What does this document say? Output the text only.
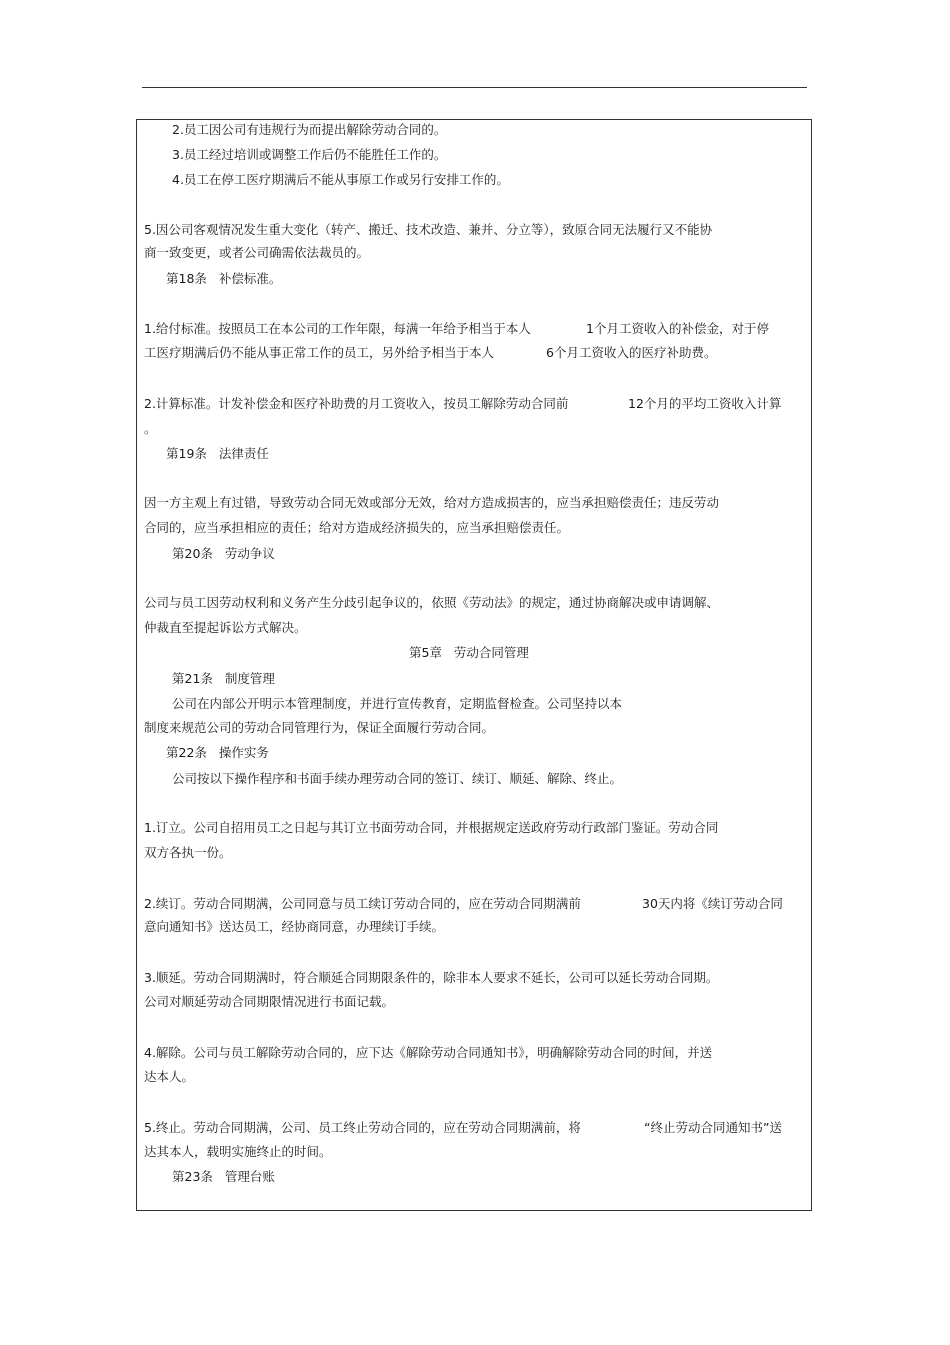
2.员工因公司有违规行为而提出解除劳动合同的。
3.员工经过培训或调整工作后仍不能胜任工作的。
4.员工在停工医疗期满后不能从事原工作或另行安排工作的。
5.因公司客观情况发生重大变化（转产、搬迁、技术改造、兼并、分立等），致原合同无法履行又不能协
商一致变更，或者公司确需依法裁员的。
第18条   补偿标准。
1.给付标准。按照员工在本公司的工作年限，每满一年给予相当于本人	1个月工资收入的补偿金，对于停
工医疗期满后仍不能从事正常工作的员工，另外给予相当于本人	6个月工资收入的医疗补助费。
2.计算标准。计发补偿金和医疗补助费的月工资收入，按员工解除劳动合同前	12个月的平均工资收入计算
。
第19条   法律责任
因一方主观上有过错，导致劳动合同无效或部分无效，给对方造成损害的，应当承担赔偿责任；违反劳动
合同的，应当承担相应的责任；给对方造成经济损失的，应当承担赔偿责任。
第20条   劳动争议
公司与员工因劳动权利和义务产生分歧引起争议的，依照《劳动法》的规定，通过协商解决或申请调解、
仲裁直至提起诉讼方式解决。
第5章   劳动合同管理
第21条   制度管理
公司在内部公开明示本管理制度，并进行宣传教育，定期监督检查。公司坚持以本
制度来规范公司的劳动合同管理行为，保证全面履行劳动合同。
第22条   操作实务
公司按以下操作程序和书面手续办理劳动合同的签订、续订、顺延、解除、终止。
1.订立。公司自招用员工之日起与其订立书面劳动合同，并根据规定送政府劳动行政部门鉴证。劳动合同
双方各执一份。
2.续订。劳动合同期满，公司同意与员工续订劳动合同的，应在劳动合同期满前	30天内将《续订劳动合同
意向通知书》送达员工，经协商同意，办理续订手续。
3.顺延。劳动合同期满时，符合顺延合同期限条件的，除非本人要求不延长，公司可以延长劳动合同期。
公司对顺延劳动合同期限情况进行书面记载。
4.解除。公司与员工解除劳动合同的，应下达《解除劳动合同通知书》，明确解除劳动合同的时间，并送
达本人。
5.终止。劳动合同期满，公司、员工终止劳动合同的，应在劳动合同期满前，将	“终止劳动合同通知书”送
达其本人，载明实施终止的时间。
第23条   管理台账
